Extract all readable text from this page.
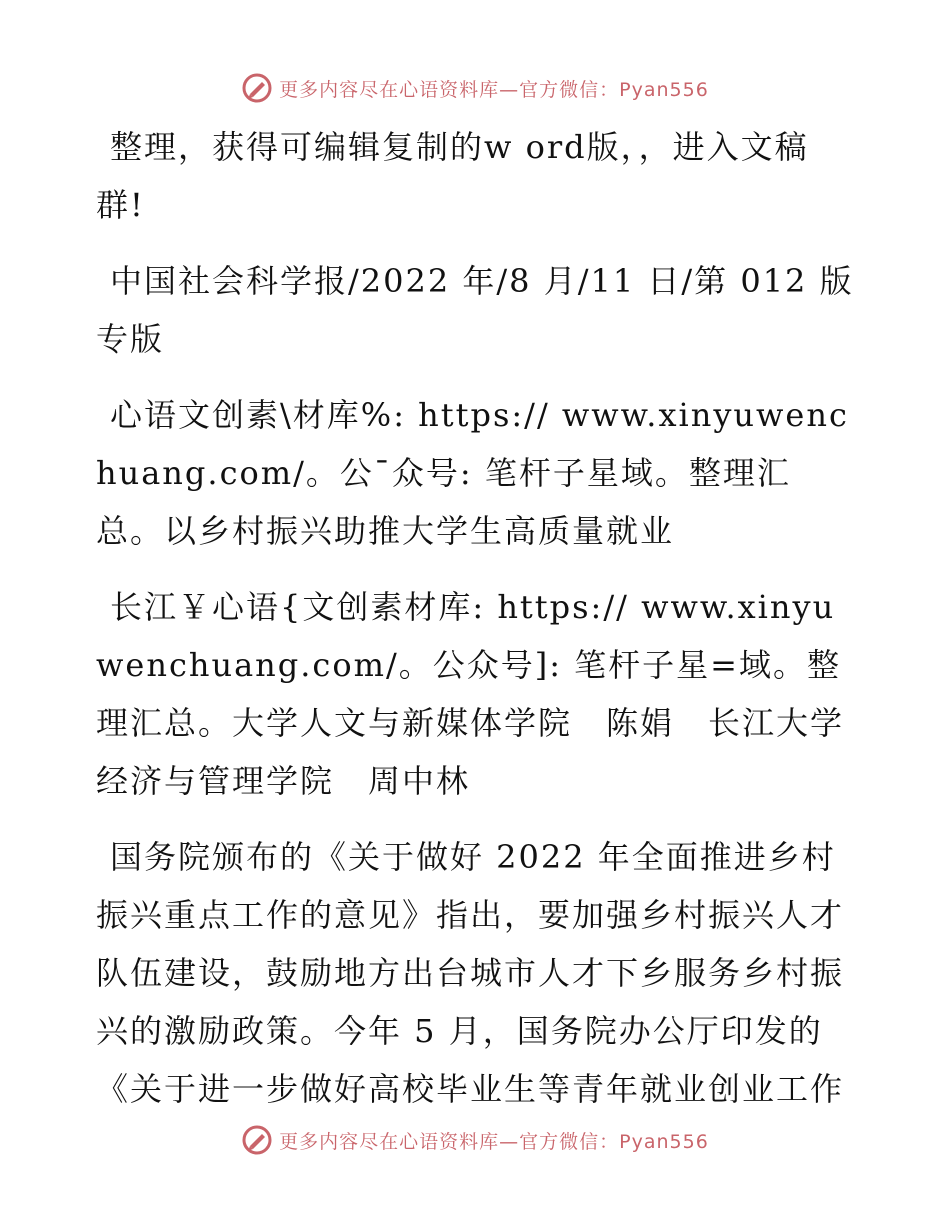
更多内容尽在心语资料库—官方微信：Pyan556

整理，获得可编辑复制的w ord版，，进入文稿群!

中国社会科学报/2022 年/8 月/11 日/第 012 版专版

心语文创素\材库%: https:// www.xinyuwenchuang.com/。公¯众号: 笔杆子星域。整理汇总。以乡村振兴助推大学生高质量就业

长江￥心语{文创素材库: https:// www.xinyuwenchuang.com/。公众号]: 笔杆子星=域。整理汇总。大学人文与新媒体学院　陈娟　长江大学经济与管理学院　周中林

国务院颁布的《关于做好 2022 年全面推进乡村振兴重点工作的意见》指出，要加强乡村振兴人才队伍建设，鼓励地方出台城市人才下乡服务乡村振兴的激励政策。今年 5 月，国务院办公厅印发的《关于进一步做好高校毕业生等青年就业创业工作

更多内容尽在心语资料库—官方微信：Pyan556
